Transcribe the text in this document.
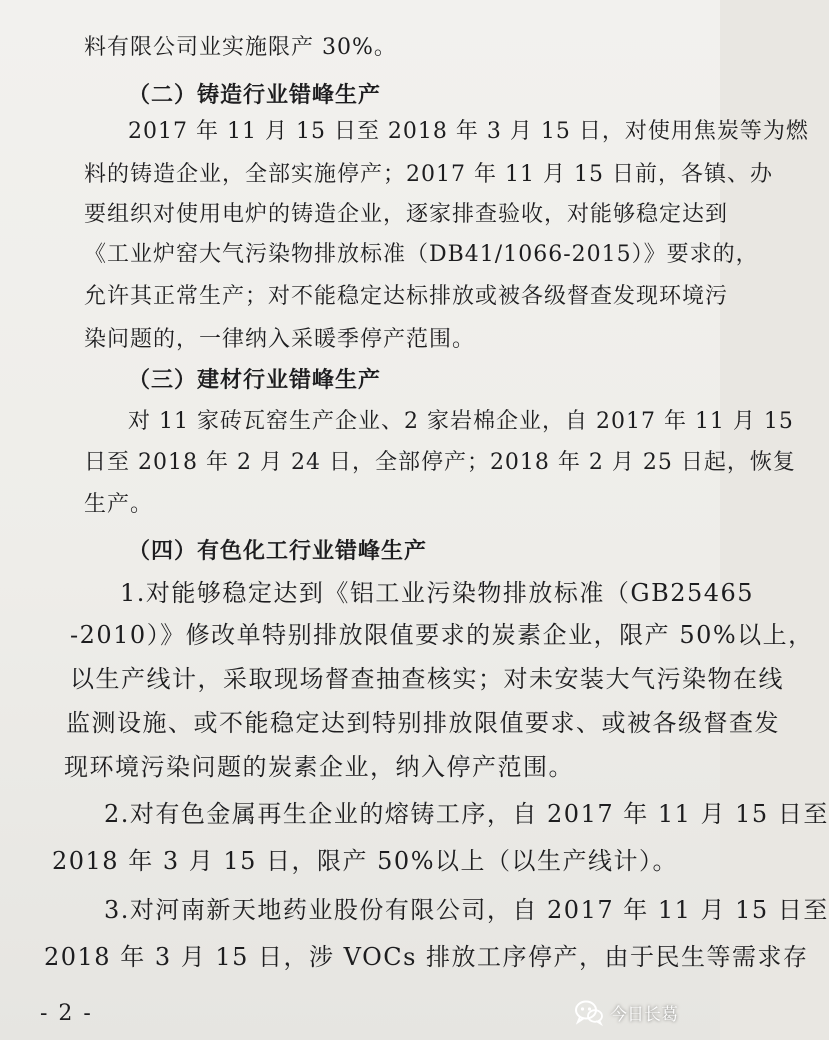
料有限公司业实施限产 30%。
（二）铸造行业错峰生产
2017 年 11 月 15 日至 2018 年 3 月 15 日，对使用焦炭等为燃
料的铸造企业，全部实施停产；2017 年 11 月 15 日前，各镇、办
要组织对使用电炉的铸造企业，逐家排查验收，对能够稳定达到
《工业炉窑大气污染物排放标准（DB41/1066-2015）》要求的，
允许其正常生产；对不能稳定达标排放或被各级督查发现环境污
染问题的，一律纳入采暖季停产范围。
（三）建材行业错峰生产
对 11 家砖瓦窑生产企业、2 家岩棉企业，自 2017 年 11 月 15
日至 2018 年 2 月 24 日，全部停产；2018 年 2 月 25 日起，恢复
生产。
（四）有色化工行业错峰生产
1.对能够稳定达到《铝工业污染物排放标准（GB25465
-2010）》修改单特别排放限值要求的炭素企业，限产 50%以上，
以生产线计，采取现场督查抽查核实；对未安装大气污染物在线
监测设施、或不能稳定达到特别排放限值要求、或被各级督查发
现环境污染问题的炭素企业，纳入停产范围。
2.对有色金属再生企业的熔铸工序，自 2017 年 11 月 15 日至
2018 年 3 月 15 日，限产 50%以上（以生产线计）。
3.对河南新天地药业股份有限公司，自 2017 年 11 月 15 日至
2018 年 3 月 15 日，涉 VOCs 排放工序停产，由于民生等需求存
- 2 -	今日长葛
